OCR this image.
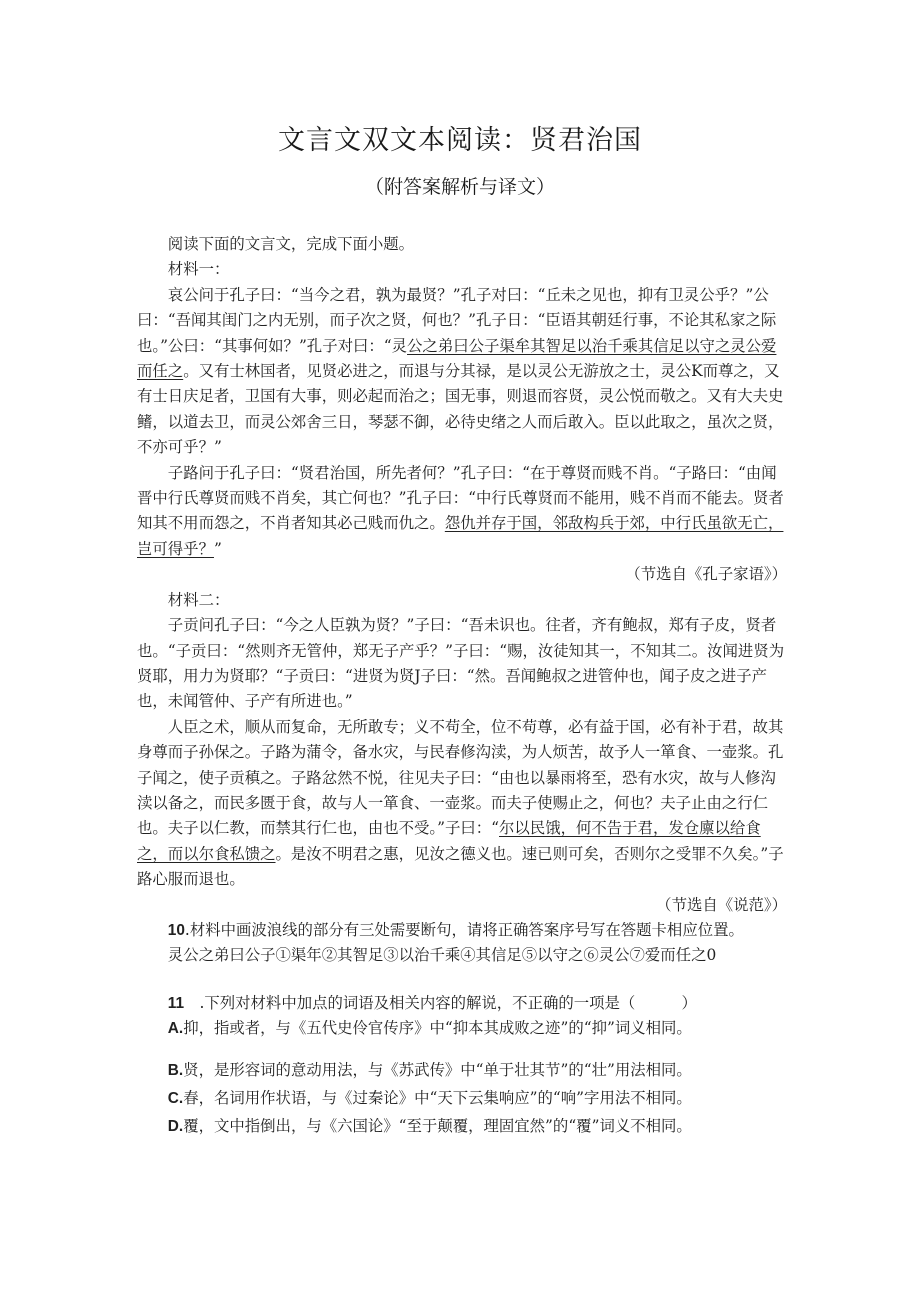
文言文双文本阅读：贤君治国
（附答案解析与译文）

阅读下面的文言文，完成下面小题。

材料一：

哀公问于孔子曰：“当今之君，孰为最贤？”孔子对曰：“丘未之见也，抑有卫灵公乎？”公曰：“吾闻其闺门之内无别，而子次之贤，何也？”孔子日：“臣语其朝廷行事，不论其私家之际也。”公曰：“其事何如？”孔子对曰：“灵公之弟曰公子渠牟其智足以治千乘其信足以守之灵公爱而任之。又有士林国者，见贤必进之，而退与分其禄，是以灵公无游放之士，灵公K而尊之，又有士日庆足者，卫国有大事，则必起而治之；国无事，则退而容贤，灵公悦而敬之。又有大夫史鳍，以道去卫，而灵公郊舍三日，琴瑟不御，必待史绪之人而后敢入。臣以此取之，虽次之贤，不亦可乎？”

子路问于孔子曰：“贤君治国，所先者何？”孔子曰：“在于尊贤而贱不肖。“子路曰：“由闻晋中行氏尊贤而贱不肖矣，其亡何也？”孔子曰：“中行氏尊贤而不能用，贱不肖而不能去。贤者知其不用而怨之，不肖者知其必己贱而仇之。怨仇并存于国，邻敌构兵于郊，中行氏虽欲无亡，岂可得乎？”

（节选自《孔子家语》）

材料二：

子贡问孔子曰：“今之人臣孰为贤？”子曰：“吾未识也。往者，齐有鲍叔，郑有子皮，贤者也。“子贡曰：“然则齐无管仲，郑无子产乎？”子曰：“赐，汝徒知其一，不知其二。汝闻进贤为贤耶，用力为贤耶？“子贡曰：“进贤为贤J子曰：“然。吾闻鲍叔之进管仲也，闻子皮之进子产也，未闻管仲、子产有所进也。”

人臣之术，顺从而复命，无所敢专；义不苟全，位不苟尊，必有益于国，必有补于君，故其身尊而子孙保之。子路为蒲令，备水灾，与民春修沟渎，为人烦苦，故予人一箪食、一壶浆。孔子闻之，使子贡稹之。子路忿然不悦，往见夫子曰：“由也以暴雨将至，恐有水灾，故与人修沟渎以备之，而民多匮于食，故与人一箪食、一壶浆。而夫子使赐止之，何也？夫子止由之行仁也。夫子以仁教，而禁其行仁也，由也不受。”子曰：“尔以民饿，何不告于君，发仓廪以给食之，而以尔食私馈之。是汝不明君之惠，见汝之德义也。速已则可矣，否则尔之受罪不久矣。”子路心服而退也。

（节选自《说范》）

10.材料中画波浪线的部分有三处需要断句，请将正确答案序号写在答题卡相应位置。

灵公之弟曰公子①渠年②其智足③以治千乘④其信足⑤以守之⑥灵公⑦爱而任之0

11  .下列对材料中加点的词语及相关内容的解说，不正确的一项是（　　　）

A.抑，指或者，与《五代史伶官传序》中“抑本其成败之迹”的“抑”词义相同。

B.贤，是形容词的意动用法，与《苏武传》中“单于壮其节”的“壮”用法相同。

C.春，名词用作状语，与《过秦论》中“天下云集响应”的“响”字用法不相同。

D.覆，文中指倒出，与《六国论》“至于颠覆，理固宜然”的“覆”词义不相同。
